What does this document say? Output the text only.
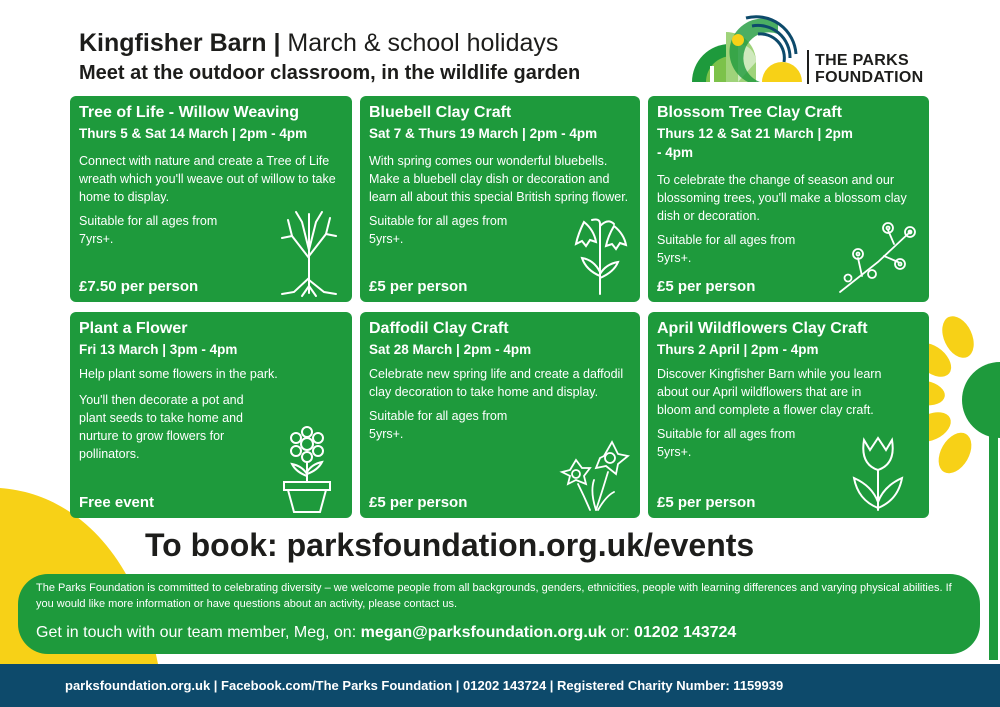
Kingfisher Barn | March & school holidays
Meet at the outdoor classroom, in the wildlife garden
THE PARKS
FOUNDATION
Tree of Life - Willow Weaving
Thurs 5 & Sat 14 March | 2pm - 4pm

Connect with nature and create a Tree of Life wreath which you'll weave out of willow to take home to display.

Suitable for all ages from 7yrs+.

£7.50 per person
Bluebell Clay Craft
Sat 7 & Thurs 19 March | 2pm - 4pm

With spring comes our wonderful bluebells. Make a bluebell clay dish or decoration and learn all about this special British spring flower.

Suitable for all ages from 5yrs+.

£5 per person
Blossom Tree Clay Craft
Thurs 12 & Sat 21 March | 2pm - 4pm

To celebrate the change of season and our blossoming trees, you'll make a blossom clay dish or decoration.

Suitable for all ages from 5yrs+.

£5 per person
Plant a Flower
Fri 13 March | 3pm - 4pm

Help plant some flowers in the park.

You'll then decorate a pot and plant seeds to take home and nurture to grow flowers for pollinators.

Free event
Daffodil Clay Craft
Sat 28 March | 2pm - 4pm

Celebrate new spring life and create a daffodil clay decoration to take home and display.

Suitable for all ages from 5yrs+.

£5 per person
April Wildflowers Clay Craft
Thurs 2 April | 2pm - 4pm

Discover Kingfisher Barn while you learn about our April wildflowers that are in bloom and complete a flower clay craft.

Suitable for all ages from 5yrs+.

£5 per person
To book: parksfoundation.org.uk/events

The Parks Foundation is committed to celebrating diversity – we welcome people from all backgrounds, genders, ethnicities, people with learning differences and varying physical abilities. If you would like more information or have questions about an activity, please contact us.

Get in touch with our team member, Meg, on: megan@parksfoundation.org.uk or: 01202 143724

parksfoundation.org.uk | Facebook.com/The Parks Foundation | 01202 143724 | Registered Charity Number: 1159939
